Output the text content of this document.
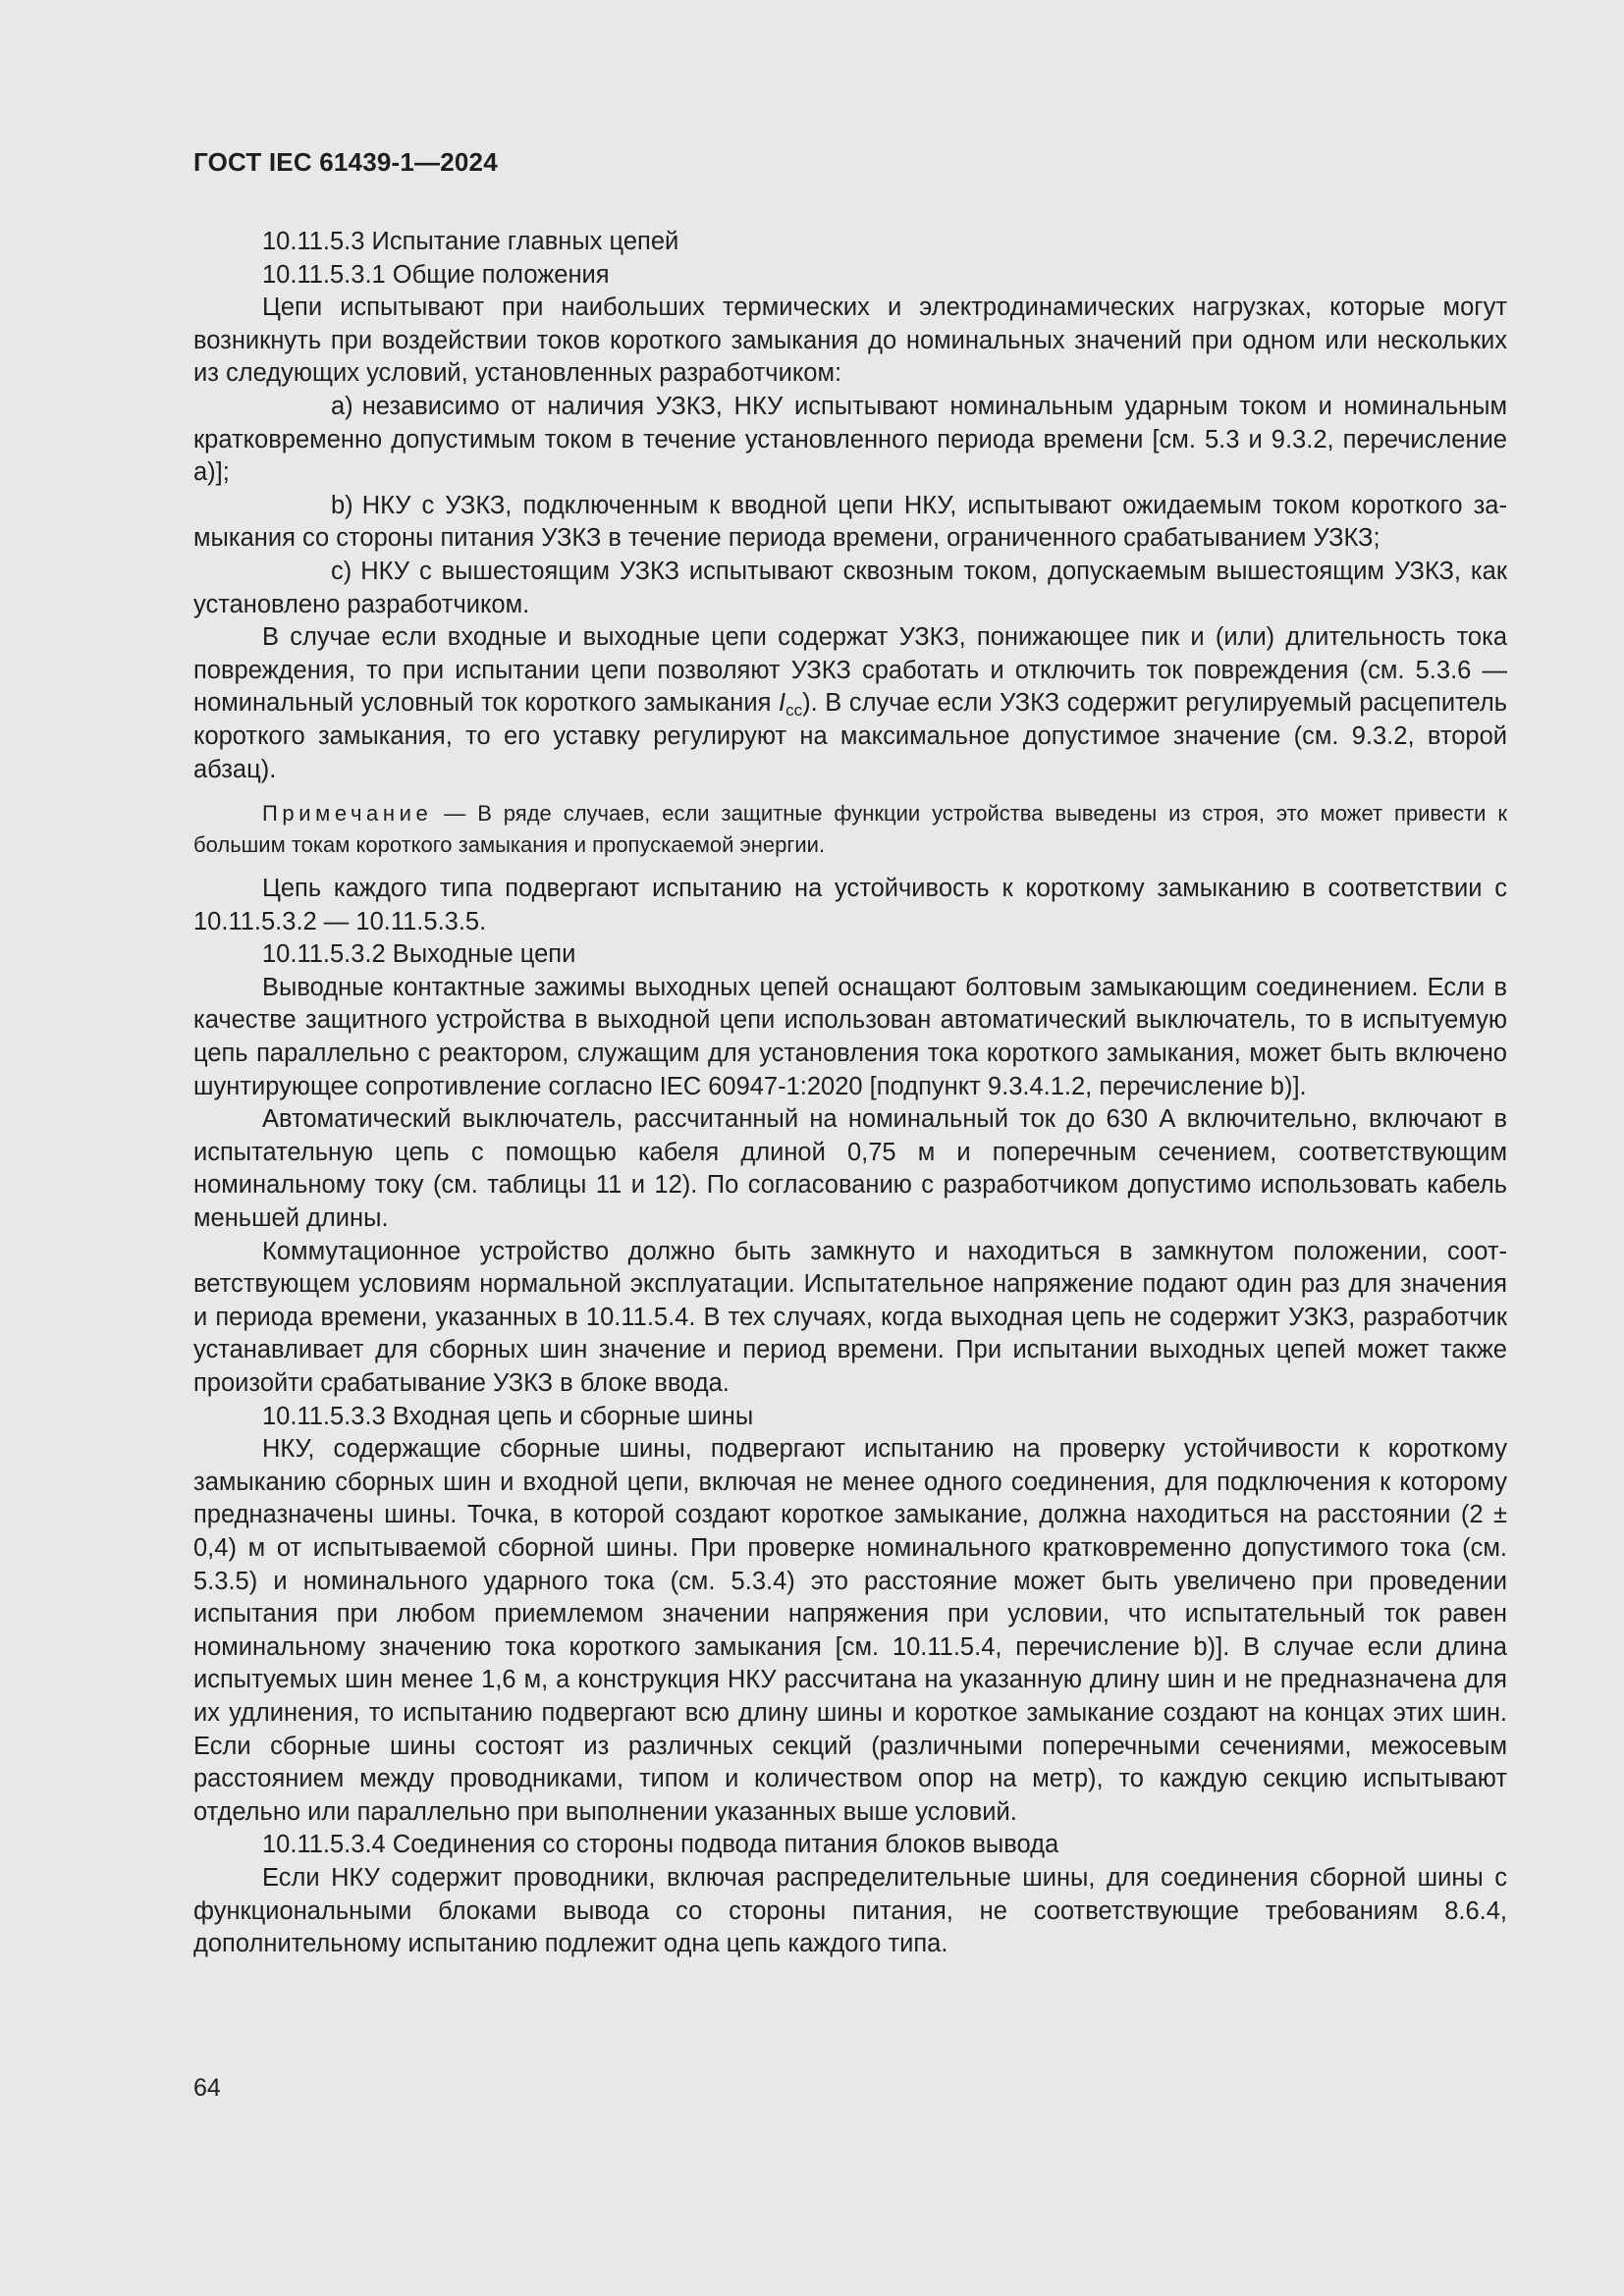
ГОСТ IEC 61439-1—2024

10.11.5.3 Испытание главных цепей

10.11.5.3.1 Общие положения

Цепи испытывают при наибольших термических и электродинамических нагрузках, которые могут возникнуть при воздействии токов короткого замыкания до номинальных значений при одном или нескольких из следующих условий, установленных разработчиком:

a) независимо от наличия УЗКЗ, НКУ испытывают номинальным ударным током и номинальным кратковременно допустимым током в течение установленного периода времени [см. 5.3 и 9.3.2, перечисление a)];

b) НКУ с УЗКЗ, подключенным к вводной цепи НКУ, испытывают ожидаемым током короткого замыкания со стороны питания УЗКЗ в течение периода времени, ограниченного срабатыванием УЗКЗ;

c) НКУ с вышестоящим УЗКЗ испытывают сквозным током, допускаемым вышестоящим УЗКЗ, как установлено разработчиком.

В случае если входные и выходные цепи содержат УЗКЗ, понижающее пик и (или) длительность тока повреждения, то при испытании цепи позволяют УЗКЗ сработать и отключить ток повреждения (см. 5.3.6 — номинальный условный ток короткого замыкания $I_{cc}$). В случае если УЗКЗ содержит регулируемый расцепитель короткого замыкания, то его уставку регулируют на максимальное допустимое значение (см. 9.3.2, второй абзац).

Примечание — В ряде случаев, если защитные функции устройства выведены из строя, это может привести к большим токам короткого замыкания и пропускаемой энергии.

Цепь каждого типа подвергают испытанию на устойчивость к короткому замыканию в соответствии с 10.11.5.3.2 — 10.11.5.3.5.

10.11.5.3.2 Выходные цепи

Выводные контактные зажимы выходных цепей оснащают болтовым замыкающим соединением. Если в качестве защитного устройства в выходной цепи использован автоматический выключатель, то в испытуемую цепь параллельно с реактором, служащим для установления тока короткого замыкания, может быть включено шунтирующее сопротивление согласно IEC 60947-1:2020 [подпункт 9.3.4.1.2, перечисление b)].

Автоматический выключатель, рассчитанный на номинальный ток до 630 А включительно, включают в испытательную цепь с помощью кабеля длиной 0,75 м и поперечным сечением, соответствующим номинальному току (см. таблицы 11 и 12). По согласованию с разработчиком допустимо использовать кабель меньшей длины.

Коммутационное устройство должно быть замкнуто и находиться в замкнутом положении, соответствующем условиям нормальной эксплуатации. Испытательное напряжение подают один раз для значения и периода времени, указанных в 10.11.5.4. В тех случаях, когда выходная цепь не содержит УЗКЗ, разработчик устанавливает для сборных шин значение и период времени. При испытании выходных цепей может также произойти срабатывание УЗКЗ в блоке ввода.

10.11.5.3.3 Входная цепь и сборные шины

НКУ, содержащие сборные шины, подвергают испытанию на проверку устойчивости к короткому замыканию сборных шин и входной цепи, включая не менее одного соединения, для подключения к которому предназначены шины. Точка, в которой создают короткое замыкание, должна находиться на расстоянии (2 ± 0,4) м от испытываемой сборной шины. При проверке номинального кратковременно допустимого тока (см. 5.3.5) и номинального ударного тока (см. 5.3.4) это расстояние может быть увеличено при проведении испытания при любом приемлемом значении напряжения при условии, что испытательный ток равен номинальному значению тока короткого замыкания [см. 10.11.5.4, перечисление b)]. В случае если длина испытуемых шин менее 1,6 м, а конструкция НКУ рассчитана на указанную длину шин и не предназначена для их удлинения, то испытанию подвергают всю длину шины и короткое замыкание создают на концах этих шин. Если сборные шины состоят из различных секций (различными поперечными сечениями, межосевым расстоянием между проводниками, типом и количеством опор на метр), то каждую секцию испытывают отдельно или параллельно при выполнении указанных выше условий.

10.11.5.3.4 Соединения со стороны подвода питания блоков вывода

Если НКУ содержит проводники, включая распределительные шины, для соединения сборной шины с функциональными блоками вывода со стороны питания, не соответствующие требованиям 8.6.4, дополнительному испытанию подлежит одна цепь каждого типа.

64
